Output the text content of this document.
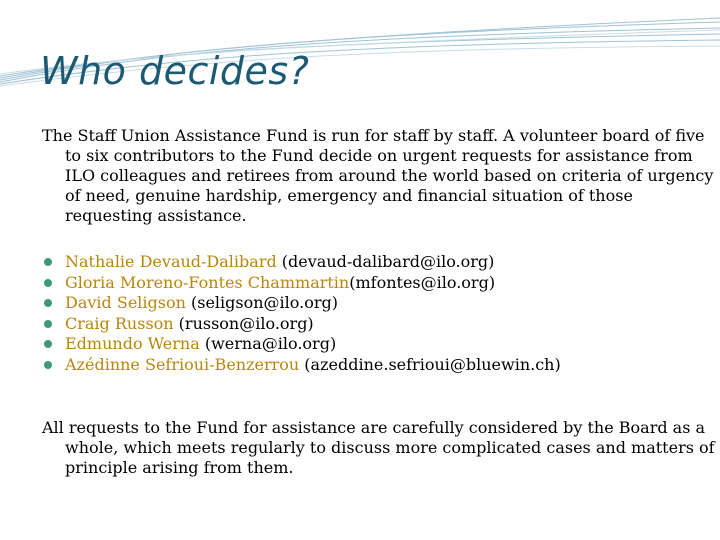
Who decides?

The Staff Union Assistance Fund is run for staff by staff. A volunteer board of five to six contributors to the Fund decide on urgent requests for assistance from ILO colleagues and retirees from around the world based on criteria of urgency of need, genuine hardship, emergency and financial situation of those requesting assistance.

Nathalie Devaud-Dalibard (devaud-dalibard@ilo.org)
Gloria Moreno-Fontes Chammartin(mfontes@ilo.org)
David Seligson (seligson@ilo.org)
Craig Russon (russon@ilo.org)
Edmundo Werna (werna@ilo.org)
Azédinne Sefrioui-Benzerrou (azeddine.sefrioui@bluewin.ch)

All requests to the Fund for assistance are carefully considered by the Board as a whole, which meets regularly to discuss more complicated cases and matters of principle arising from them.
